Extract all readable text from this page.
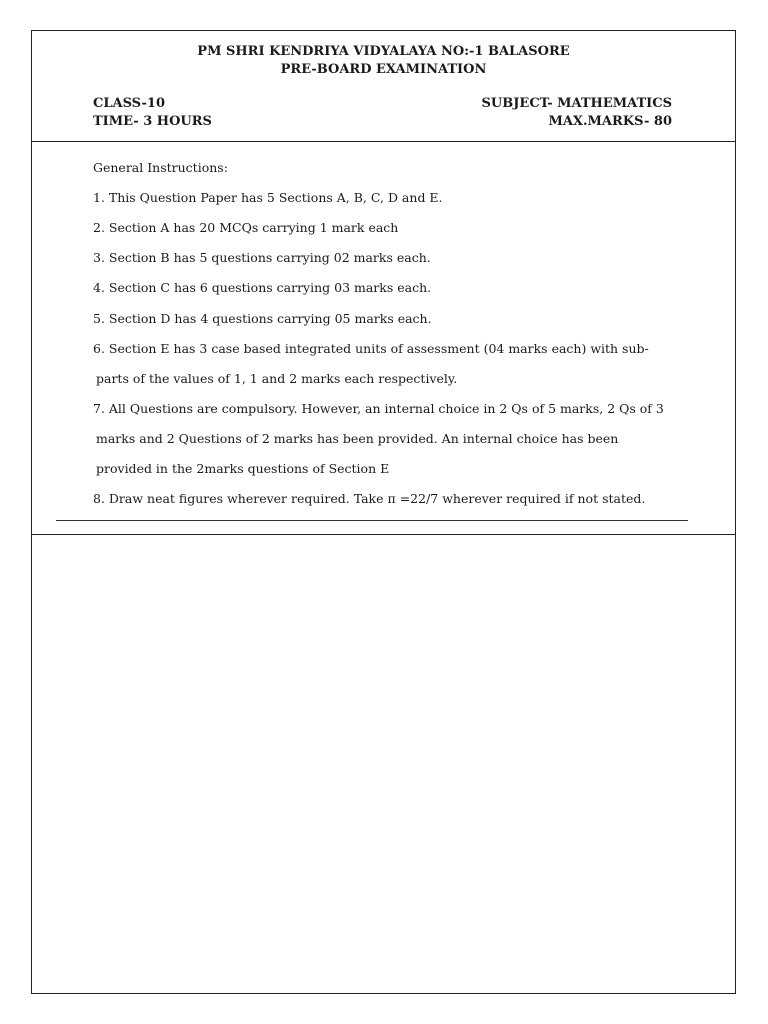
PM SHRI KENDRIYA VIDYALAYA NO:-1 BALASORE
PRE-BOARD EXAMINATION
CLASS-10
TIME- 3 HOURS
SUBJECT- MATHEMATICS
MAX.MARKS- 80
General Instructions:
1. This Question Paper has 5 Sections A, B, C, D and E.
2. Section A has 20 MCQs carrying 1 mark each
3. Section B has 5 questions carrying 02 marks each.
4. Section C has 6 questions carrying 03 marks each.
5. Section D has 4 questions carrying 05 marks each.
6. Section E has 3 case based integrated units of assessment (04 marks each) with sub-
parts of the values of 1, 1 and 2 marks each respectively.
7. All Questions are compulsory. However, an internal choice in 2 Qs of 5 marks, 2 Qs of 3
marks and 2 Questions of 2 marks has been provided. An internal choice has been
provided in the 2marks questions of Section E
8. Draw neat figures wherever required. Take π =22/7 wherever required if not stated.
